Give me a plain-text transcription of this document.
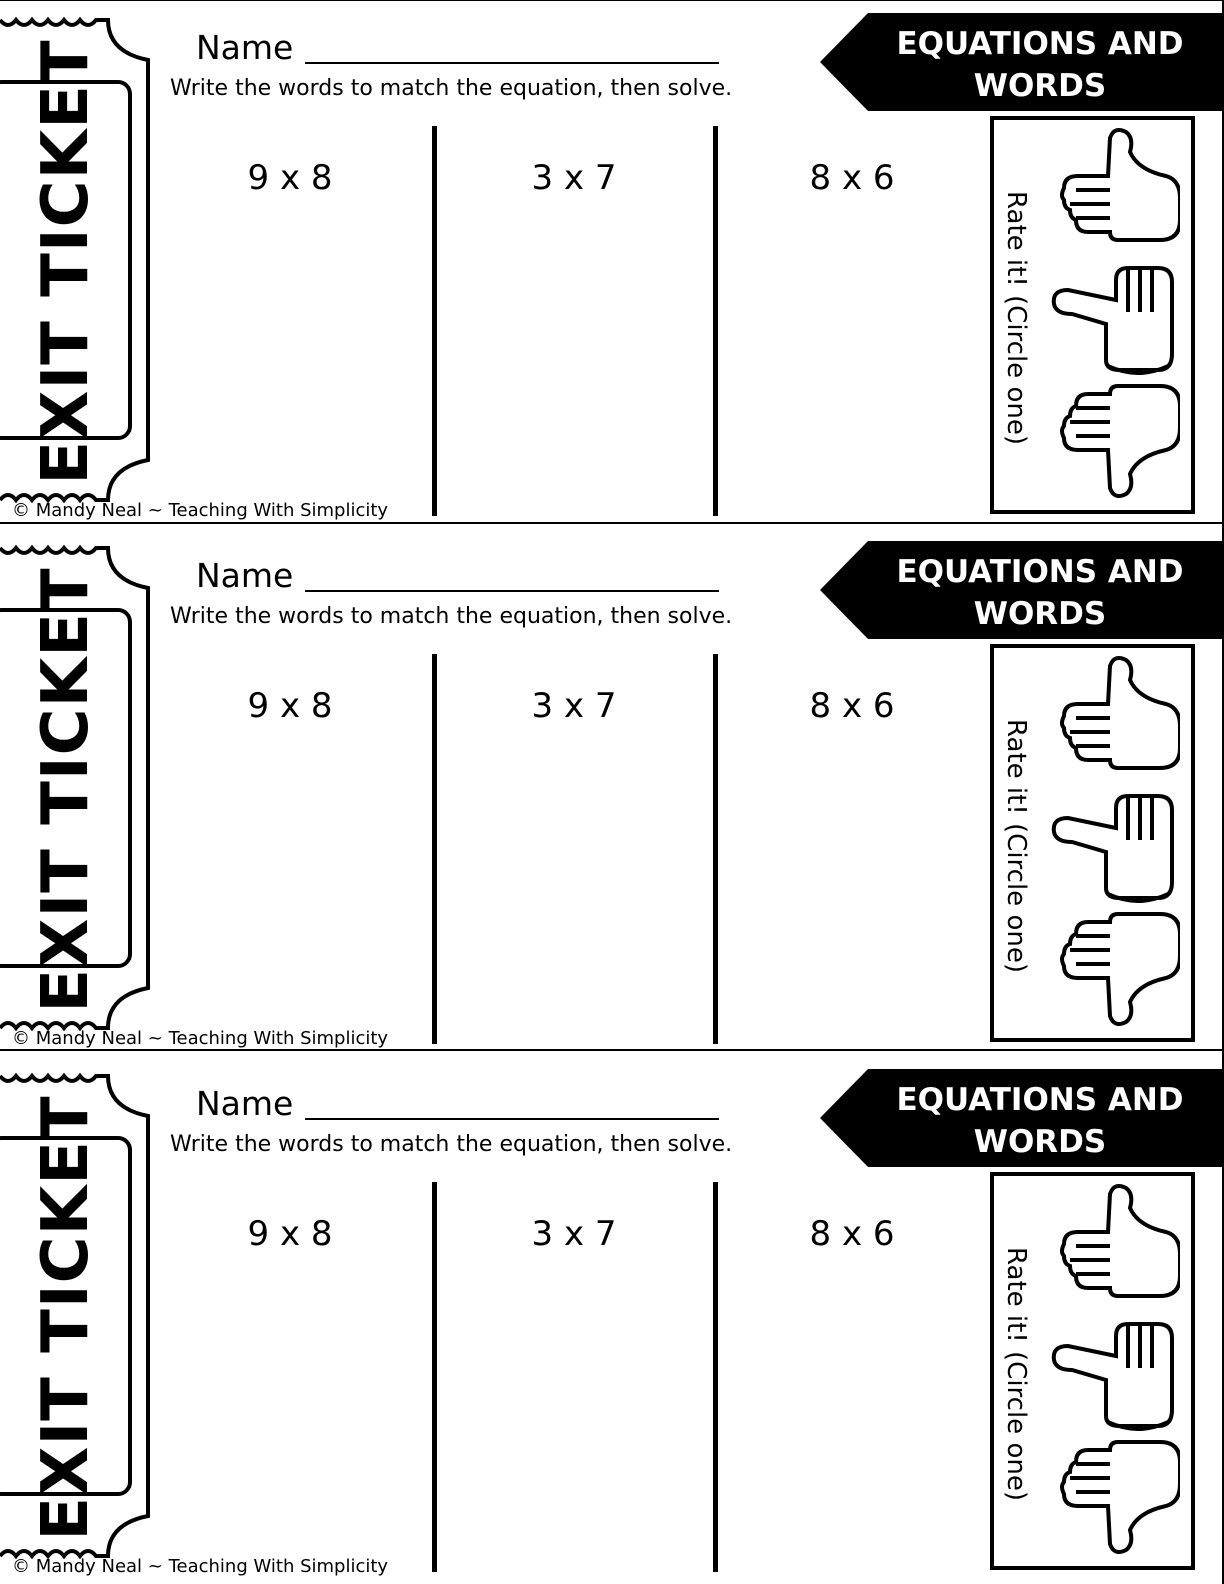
EXIT TICKET	Name
Write the words to match the equation, then solve.
EQUATIONS AND
WORDS
9 x 8	3 x 7	8 x 6
Rate it! (Circle one)
© Mandy Neal ~ Teaching With Simplicity
EXIT TICKET	Name
Write the words to match the equation, then solve.
EQUATIONS AND
WORDS
9 x 8	3 x 7	8 x 6
Rate it! (Circle one)
© Mandy Neal ~ Teaching With Simplicity
EXIT TICKET	Name
Write the words to match the equation, then solve.
EQUATIONS AND
WORDS
9 x 8	3 x 7	8 x 6
Rate it! (Circle one)
© Mandy Neal ~ Teaching With Simplicity
